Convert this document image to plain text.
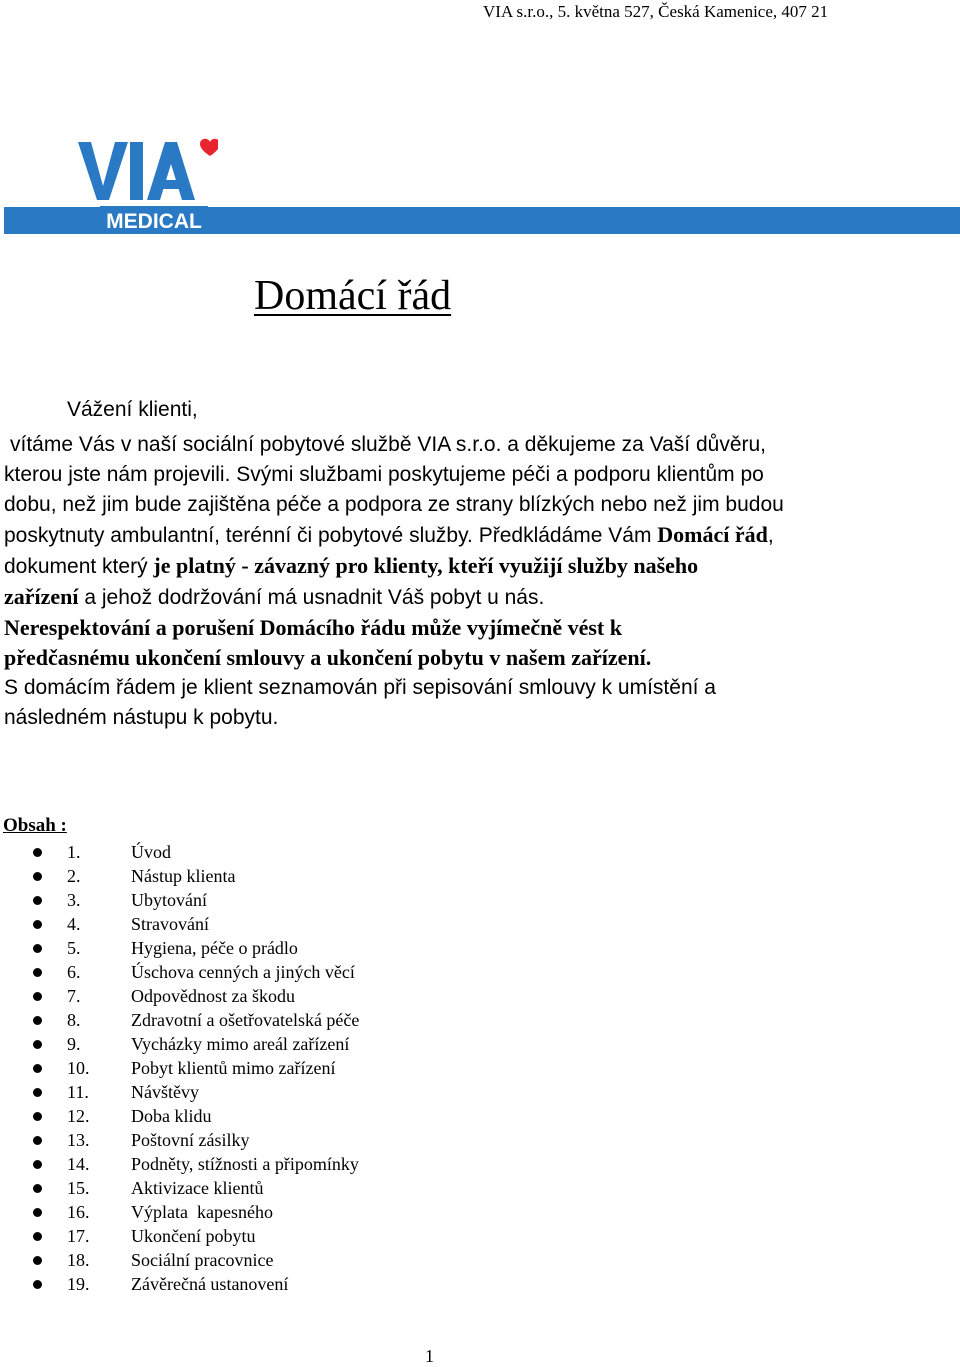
VIA s.r.o., 5. května 527, Česká Kamenice, 407 21
MEDICAL
Domácí řád
Vážení klienti,
vítáme Vás v naší sociální pobytové službě VIA s.r.o. a děkujeme za Vaší důvěru,
kterou jste nám projevili. Svými službami poskytujeme péči a podporu klientům po
dobu, než jim bude zajištěna péče a podpora ze strany blízkých nebo než jim budou
poskytnuty ambulantní, terénní či pobytové služby. Předkládáme Vám Domácí řád,
dokument který je platný - závazný pro klienty, kteří využijí služby našeho
zařízení a jehož dodržování má usnadnit Váš pobyt u nás.
Nerespektování a porušení Domácího řádu může vyjímečně vést k
předčasnému ukončení smlouvy a ukončení pobytu v našem zařízení.
S domácím řádem je klient seznamován při sepisování smlouvy k umístění a
následném nástupu k pobytu.
Obsah :
1.	Úvod
2.	Nástup klienta
3.	Ubytování
4.	Stravování
5.	Hygiena, péče o prádlo
6.	Úschova cenných a jiných věcí
7.	Odpovědnost za škodu
8.	Zdravotní a ošetřovatelská péče
9.	Vycházky mimo areál zařízení
10. Pobyt klientů mimo zařízení
11. Návštěvy
12. Doba klidu
13. Poštovní zásilky
14. Podněty, stížnosti a připomínky
15. Aktivizace klientů
16. Výplata  kapesného
17. Ukončení pobytu
18. Sociální pracovnice
19. Závěrečná ustanovení
1
